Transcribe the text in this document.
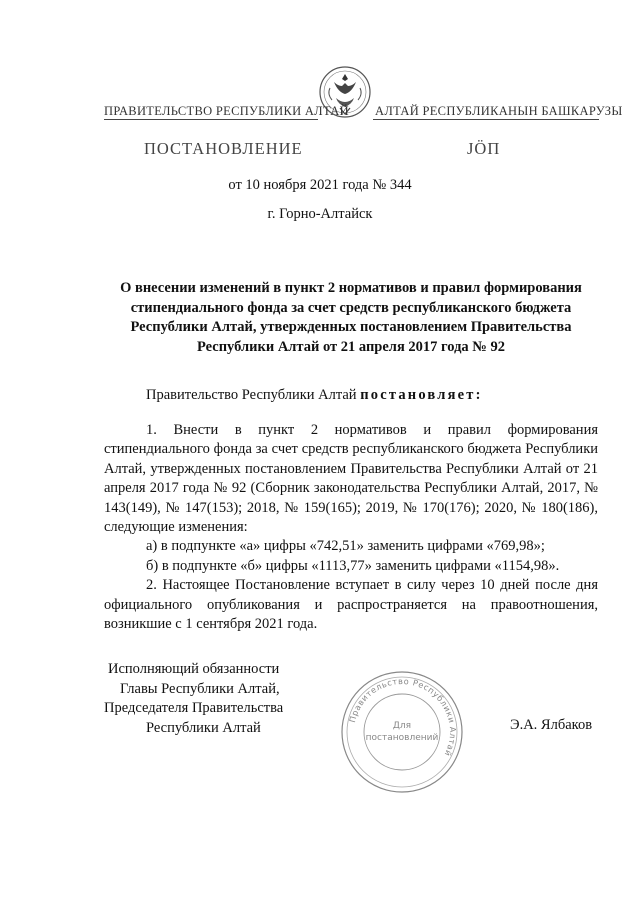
ПРАВИТЕЛЬСТВО РЕСПУБЛИКИ АЛТАЙ АЛТАЙ РЕСПУБЛИКАНЫН БАШКАРУЗЫ
ПОСТАНОВЛЕНИЕ	ЈÖП
от 10 ноября 2021 года № 344
г. Горно-Алтайск
О внесении изменений в пункт 2 нормативов и правил формирования стипендиального фонда за счет средств республиканского бюджета Республики Алтай, утвержденных постановлением Правительства Республики Алтай от 21 апреля 2017 года № 92
Правительство Республики Алтай постановляет:

1. Внести в пункт 2 нормативов и правил формирования стипендиального фонда за счет средств республиканского бюджета Республики Алтай, утвержденных постановлением Правительства Республики Алтай от 21 апреля 2017 года № 92 (Сборник законодательства Республики Алтай, 2017, № 143(149), № 147(153); 2018, № 159(165); 2019, № 170(176); 2020, № 180(186), следующие изменения:

а) в подпункте «а» цифры «742,51» заменить цифрами «769,98»;

б) в подпункте «б» цифры «1113,77» заменить цифрами «1154,98».

2. Настоящее Постановление вступает в силу через 10 дней после дня официального опубликования и распространяется на правоотношения, возникшие с 1 сентября 2021 года.

Исполняющий обязанности
Главы Республики Алтай,
Председателя Правительства
Республики Алтай
Правительство Республики Алтай
Для
постановлений
Э.А. Ялбаков
